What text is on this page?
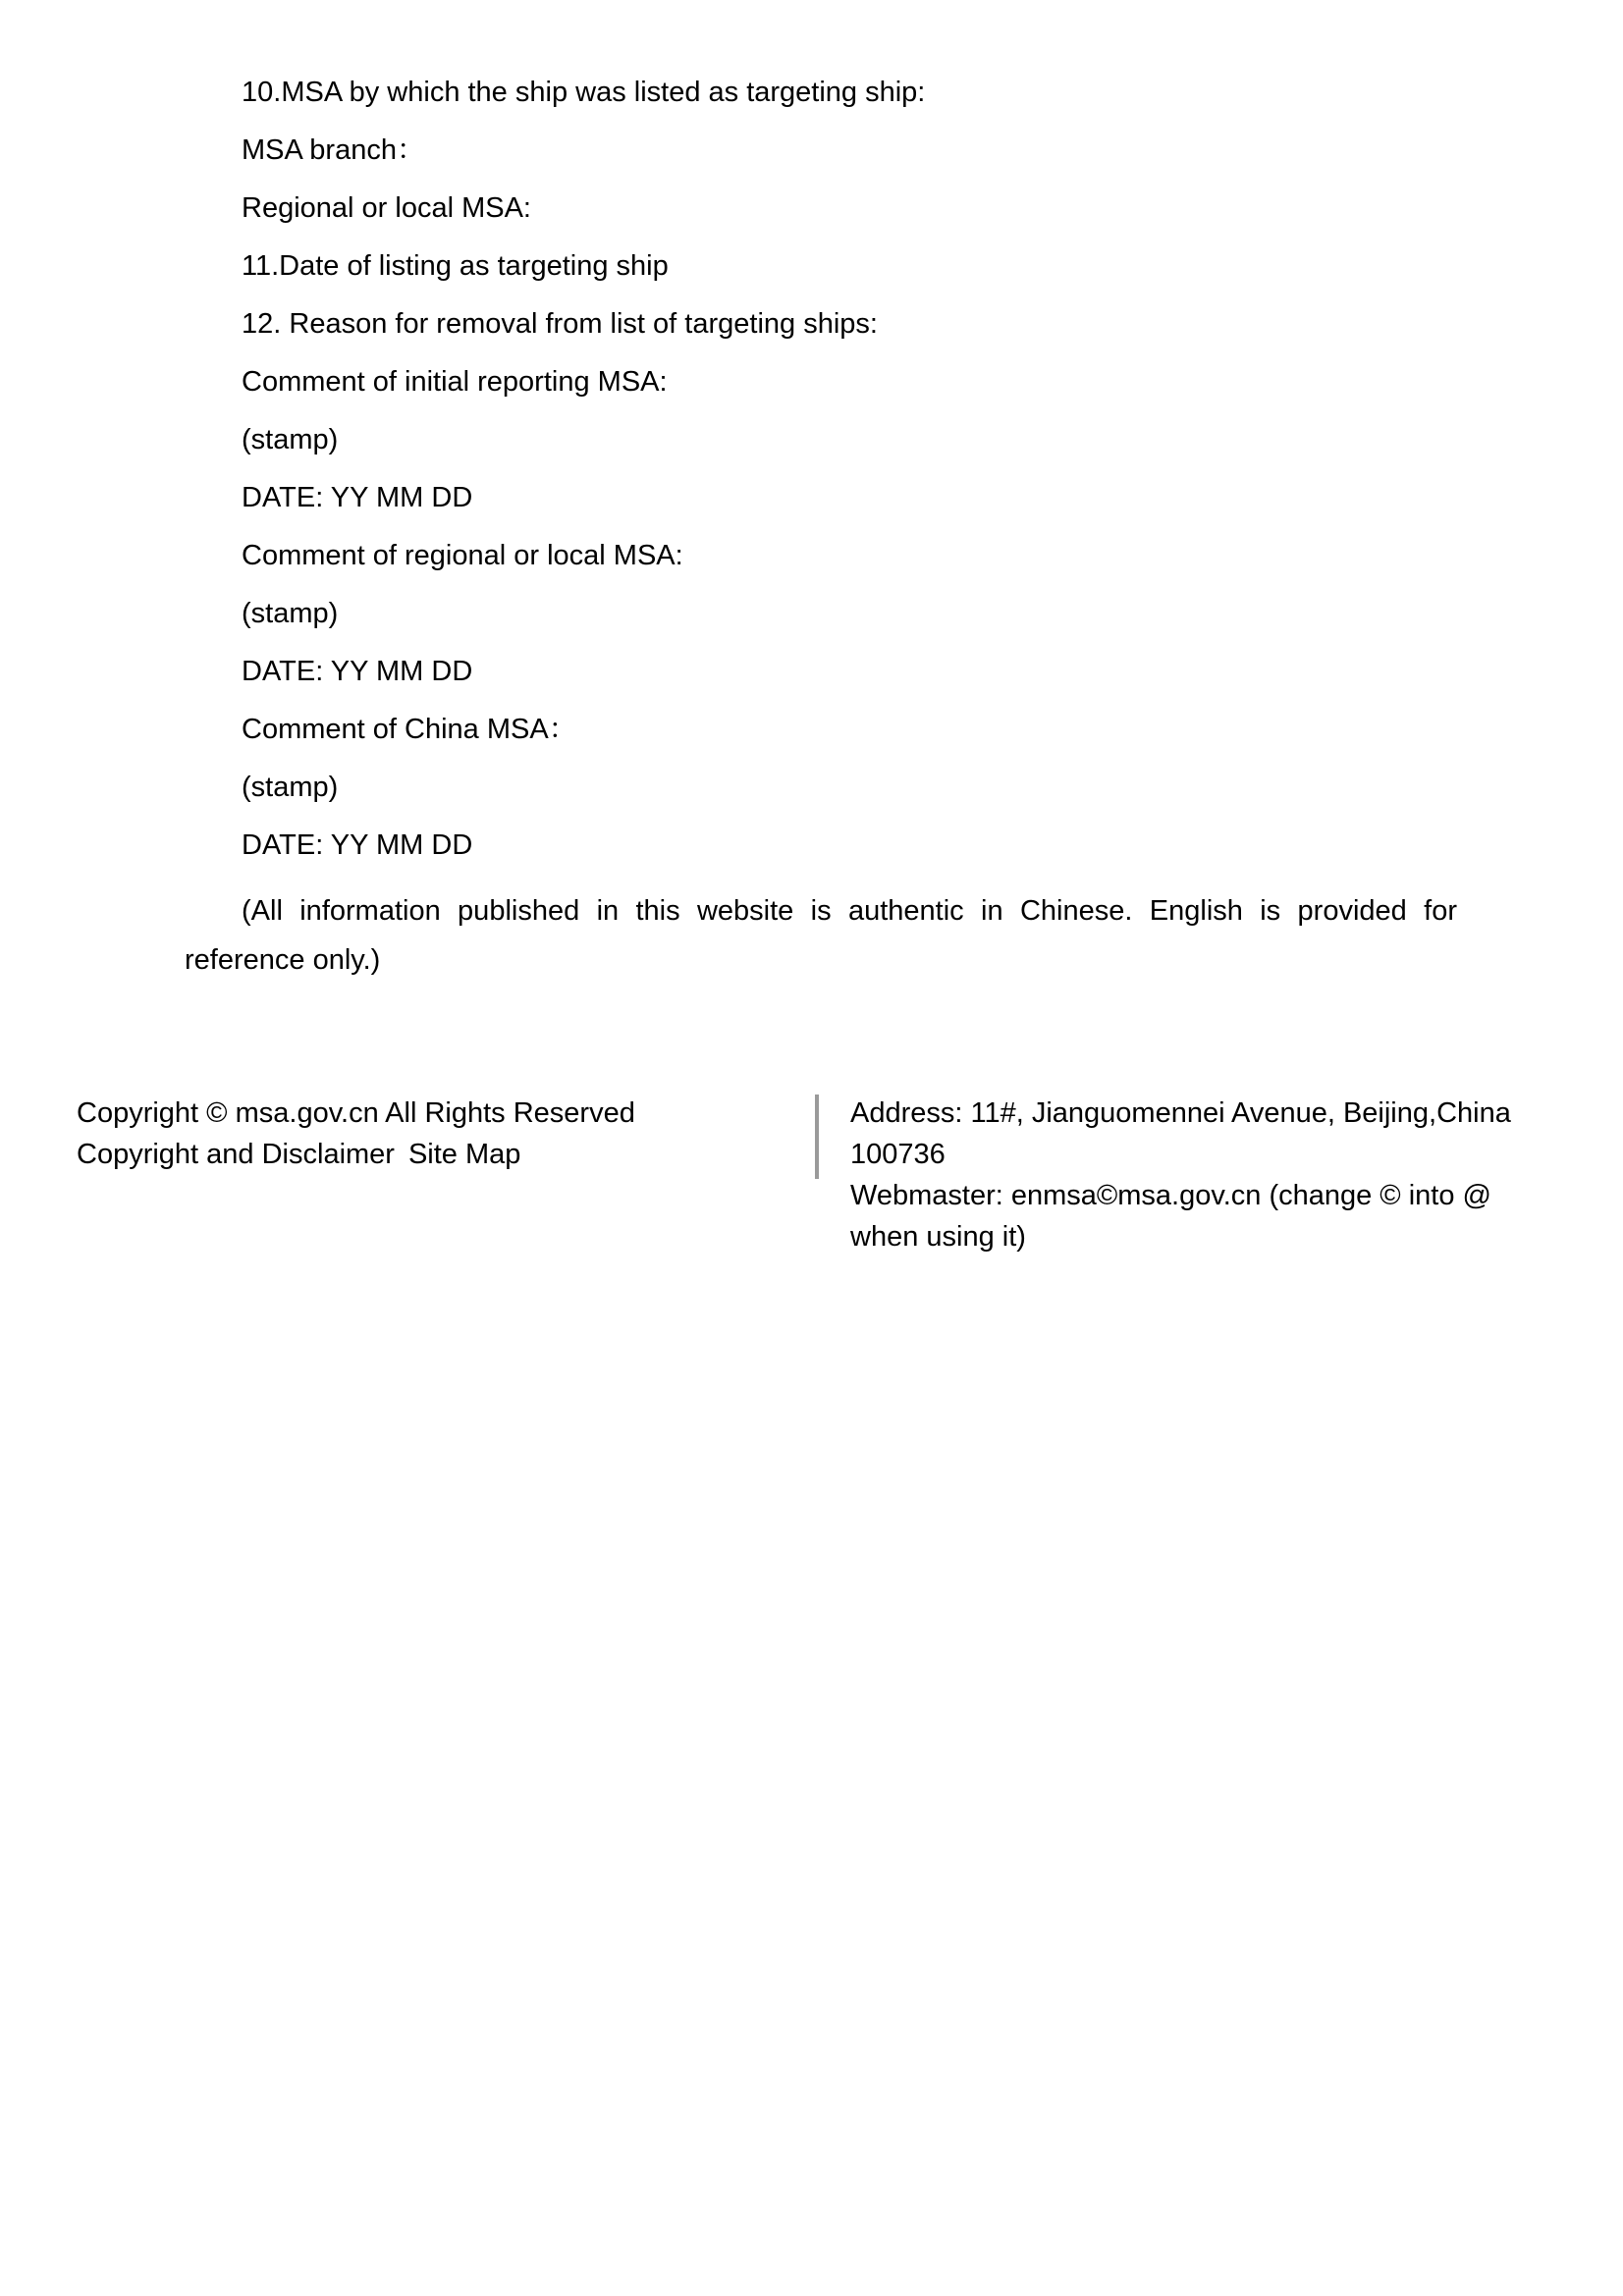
10.MSA by which the ship was listed as targeting ship:
MSA branch：
Regional or local MSA:
11.Date of listing as targeting ship
12. Reason for removal from list of targeting ships:
Comment of initial reporting MSA:
(stamp)
DATE: YY MM DD
Comment of regional or local MSA:
(stamp)
DATE: YY MM DD
Comment of China MSA：
(stamp)
DATE: YY MM DD

(All information published in this website is authentic in Chinese. English is provided for reference only.)

Copyright © msa.gov.cn All Rights Reserved
Copyright and Disclaimer Site Map
Address: 11#, Jianguomennei Avenue, Beijing,China
100736
Webmaster: enmsa©msa.gov.cn (change © into @
when using it)
